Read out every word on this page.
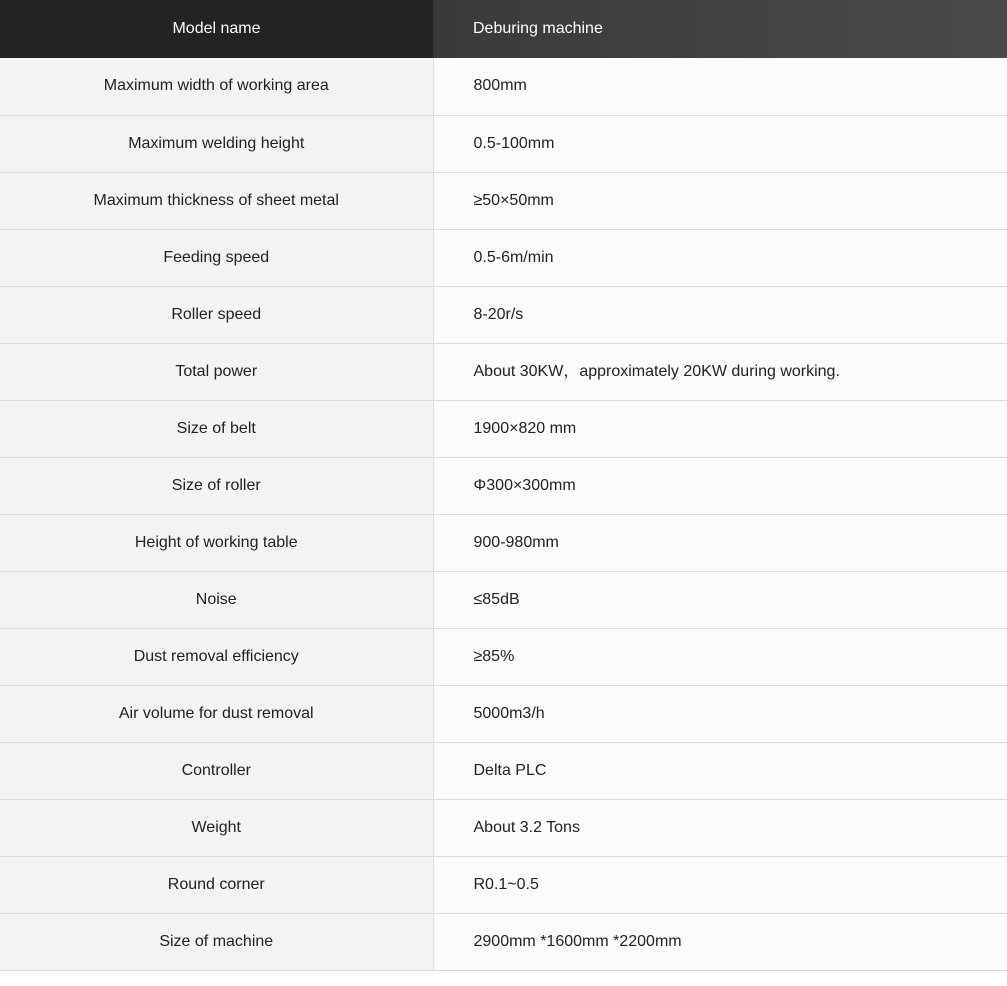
Model name	Deburing machine
Maximum width of working area	800mm
Maximum welding height	0.5-100mm
Maximum thickness of sheet metal	≥50×50mm
Feeding speed	0.5-6m/min
Roller speed	8-20r/s
Total power	About 30KW，approximately 20KW during working.
Size of belt	1900×820 mm
Size of roller	Φ300×300mm
Height of working table	900-980mm
Noise	≤85dB
Dust removal efficiency	≥85%
Air volume for dust removal	5000m3/h
Controller	Delta PLC
Weight	About 3.2 Tons
Round corner	R0.1~0.5
Size of machine	2900mm *1600mm *2200mm
